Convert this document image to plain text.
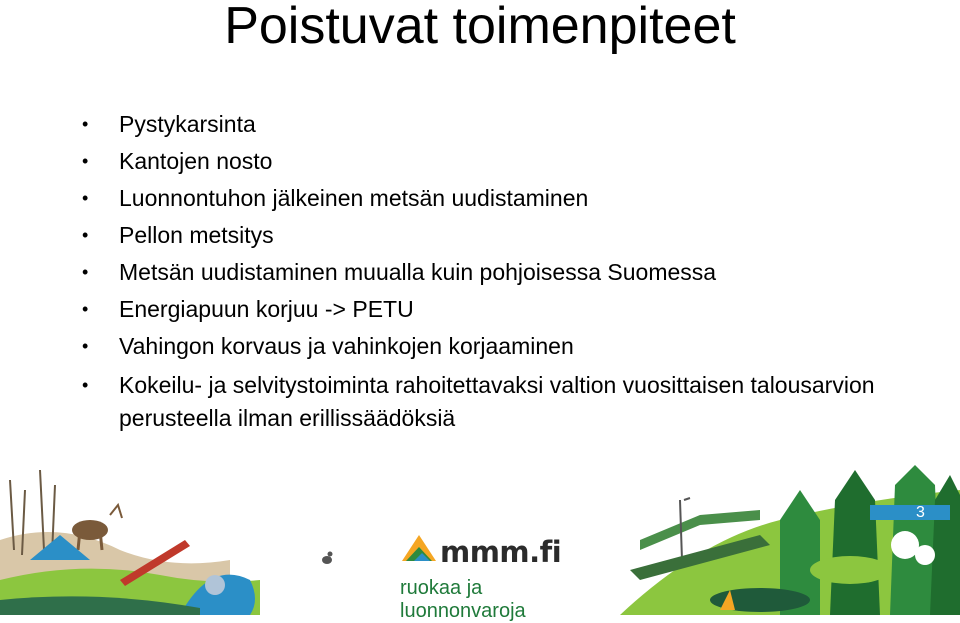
Poistuvat toimenpiteet
• Pystykarsinta
• Kantojen nosto
• Luonnontuhon jälkeinen metsän uudistaminen
• Pellon metsitys
• Metsän uudistaminen muualla kuin pohjoisessa Suomessa
• Energiapuun korjuu -> PETU
• Vahingon korvaus ja vahinkojen korjaaminen
• Kokeilu- ja selvitystoiminta rahoitettavaksi valtion vuosittaisen talousarvion perusteella ilman erillissäädöksiä
mmm.fi
ruokaa ja luonnonvaroja
3
